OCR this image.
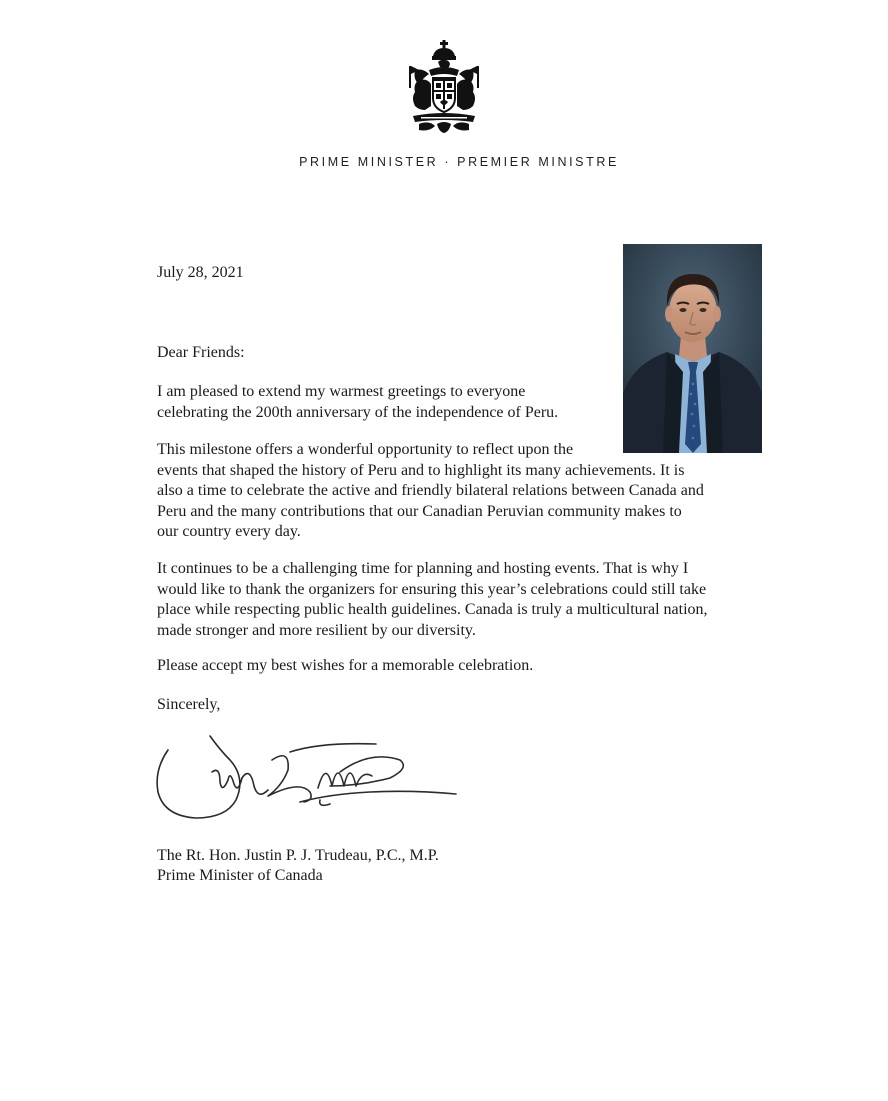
PRIME MINISTER · PREMIER MINISTRE
July 28, 2021
Dear Friends:
I am pleased to extend my warmest greetings to everyone
celebrating the 200th anniversary of the independence of Peru.
This milestone offers a wonderful opportunity to reflect upon the
events that shaped the history of Peru and to highlight its many achievements. It is
also a time to celebrate the active and friendly bilateral relations between Canada and
Peru and the many contributions that our Canadian Peruvian community makes to
our country every day.
It continues to be a challenging time for planning and hosting events. That is why I
would like to thank the organizers for ensuring this year’s celebrations could still take
place while respecting public health guidelines. Canada is truly a multicultural nation,
made stronger and more resilient by our diversity.
Please accept my best wishes for a memorable celebration.
Sincerely,
The Rt. Hon. Justin P. J. Trudeau, P.C., M.P.
Prime Minister of Canada
